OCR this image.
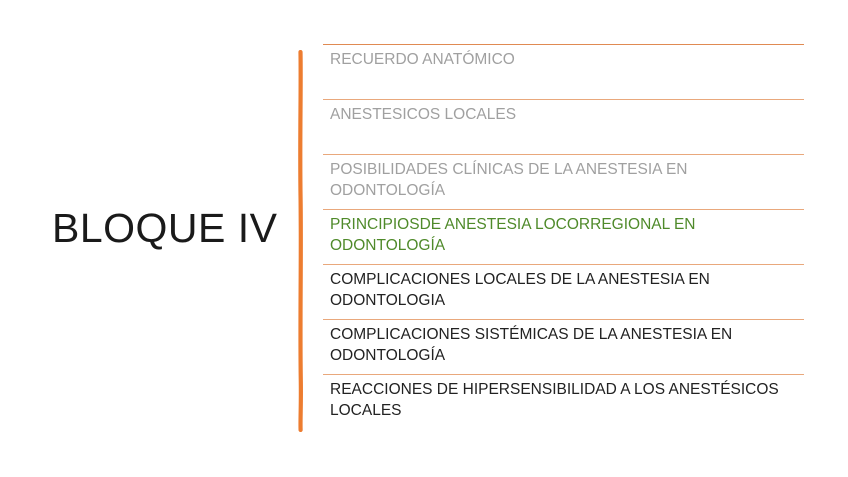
BLOQUE IV
RECUERDO ANATÓMICO
ANESTESICOS LOCALES
POSIBILIDADES CLÍNICAS DE LA ANESTESIA EN ODONTOLOGÍA
PRINCIPIOSDE ANESTESIA LOCORREGIONAL EN ODONTOLOGÍA
COMPLICACIONES LOCALES DE LA ANESTESIA EN ODONTOLOGIA
COMPLICACIONES SISTÉMICAS DE LA ANESTESIA EN ODONTOLOGÍA
REACCIONES DE HIPERSENSIBILIDAD A LOS ANESTÉSICOS LOCALES
